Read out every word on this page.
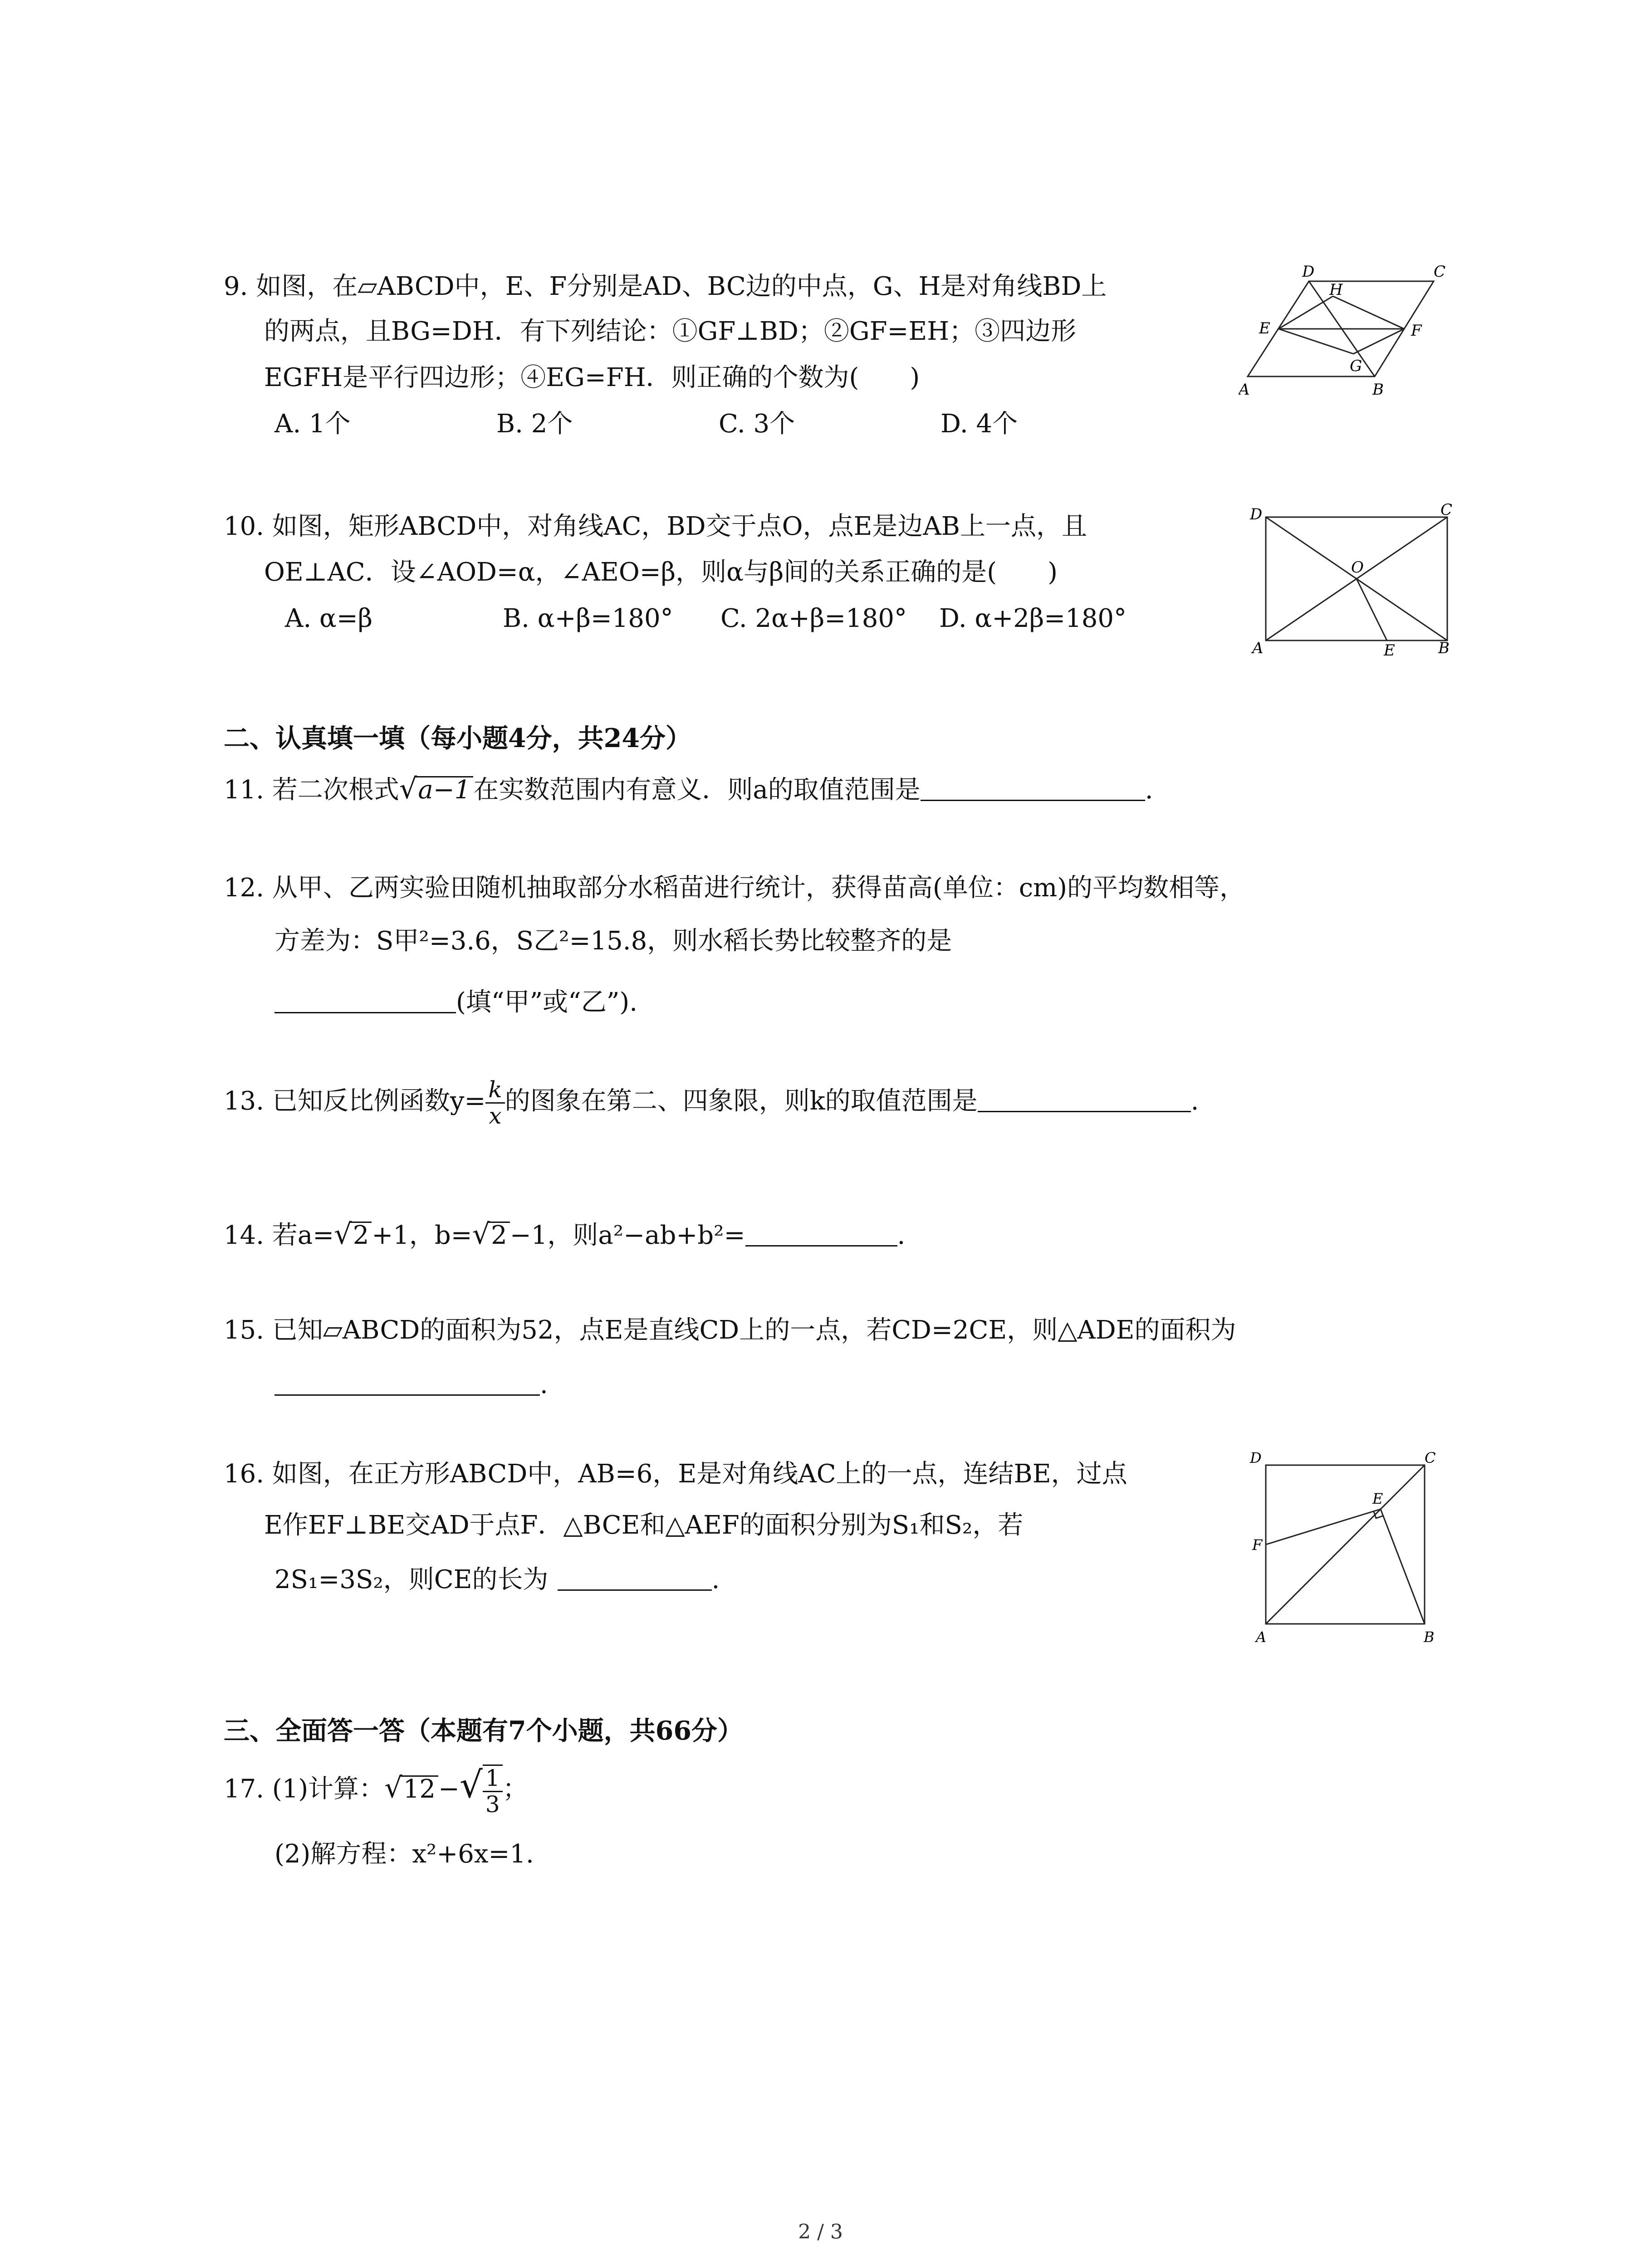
9. 如图，在▱ABCD中，E、F分别是AD、BC边的中点，G、H是对角线BD上
的两点，且BG=DH．有下列结论：①GF⊥BD；②GF=EH；③四边形
EGFH是平行四边形；④EG=FH．则正确的个数为(　　)
A. 1个	B. 2个	C. 3个	D. 4个
A	B
C
D
E	F
G
H
10. 如图，矩形ABCD中，对角线AC，BD交于点O，点E是边AB上一点，且
OE⊥AC．设∠AOD=α，∠AEO=β，则α与β间的关系正确的是(　　)
A. α=β	B. α+β=180° C. 2α+β=180° D. α+2β=180°
A	B
C
D
O
E
二、认真填一填（每小题4分，共24分）
11. 若二次根式√a−1 在实数范围内有意义．则a的取值范围是	.
12. 从甲、乙两实验田随机抽取部分水稻苗进行统计，获得苗高(单位：cm)的平均数相等，
方差为：S甲²=3.6，S乙²=15.8，则水稻长势比较整齐的是
(填“甲”或“乙”).
13. 已知反比例函数$y= \frac{k}{x}$ 的图象在第二、四象限，则k的取值范围是	.
14. 若a=√2 +1，b=√2 −1，则a²−ab+b²=	.
15. 已知▱ABCD的面积为52，点E是直线CD上的一点，若CD=2CE，则△ADE的面积为
.
16. 如图，在正方形ABCD中，AB=6，E是对角线AC上的一点，连结BE，过点
E作EF⊥BE交AD于点F．△BCE和△AEF的面积分别为S₁和S₂，若
2S₁=3S₂，则CE的长为	.
A	B
C
D
E
F
三、全面答一答（本题有7个小题，共66分）
17. (1)计算：√12 −√ $\frac{1}{3}$ ；
(2)解方程：x²+6x=1.
2 / 3
